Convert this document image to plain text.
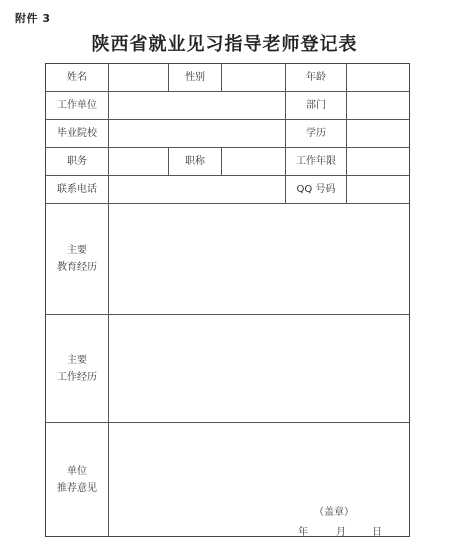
附件 3
陕西省就业见习指导老师登记表
姓名	性别	年龄
工作单位	部门
毕业院校	学历
职务	职称	工作年限
联系电话	QQ 号码
主要
教育经历
主要
工作经历
单位
推荐意见
（盖章）
年	月	日
